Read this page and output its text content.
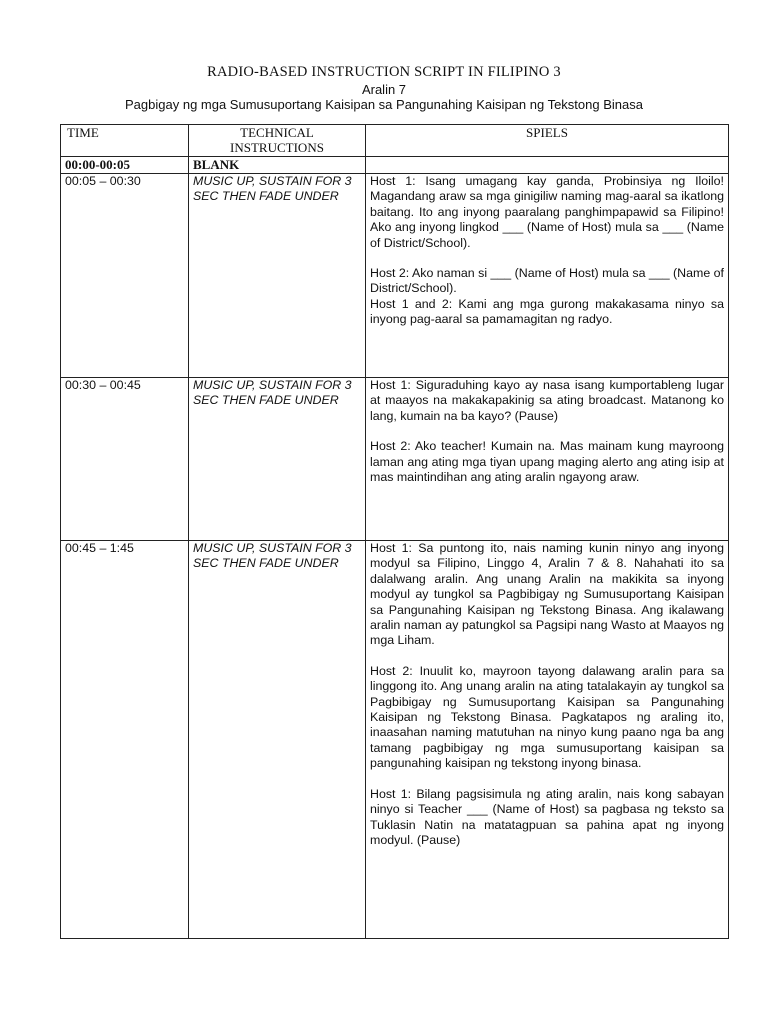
RADIO-BASED INSTRUCTION SCRIPT IN FILIPINO 3
Aralin 7
Pagbigay ng mga Sumusuportang Kaisipan sa Pangunahing Kaisipan ng Tekstong Binasa
TIME	TECHNICAL INSTRUCTIONS	SPIELS
00:00-00:05	BLANK	
00:05 – 00:30	MUSIC UP, SUSTAIN FOR 3 SEC THEN FADE UNDER	Host 1: Isang umagang kay ganda, Probinsiya ng Iloilo! Magandang araw sa mga ginigiliw naming mag-aaral sa ikatlong baitang. Ito ang inyong paaralang panghimpapawid sa Filipino! Ako ang inyong lingkod ___ (Name of Host) mula sa ___ (Name of District/School).

Host 2: Ako naman si ___ (Name of Host) mula sa ___ (Name of District/School).

Host 1 and 2: Kami ang mga gurong makakasama ninyo sa inyong pag-aaral sa pamamagitan ng radyo.

00:30 – 00:45	MUSIC UP, SUSTAIN FOR 3 SEC THEN FADE UNDER	Host 1: Siguraduhing kayo ay nasa isang kumportableng lugar at maayos na makakapakinig sa ating broadcast. Matanong ko lang, kumain na ba kayo? (Pause)

Host 2: Ako teacher! Kumain na. Mas mainam kung mayroong laman ang ating mga tiyan upang maging alerto ang ating isip at mas maintindihan ang ating aralin ngayong araw.

00:45 – 1:45	MUSIC UP, SUSTAIN FOR 3 SEC THEN FADE UNDER	Host 1: Sa puntong ito, nais naming kunin ninyo ang inyong modyul sa Filipino, Linggo 4, Aralin 7 & 8. Nahahati ito sa dalalwang aralin. Ang unang Aralin na makikita sa inyong modyul ay tungkol sa Pagbibigay ng Sumusuportang Kaisipan sa Pangunahing Kaisipan ng Tekstong Binasa. Ang ikalawang aralin naman ay patungkol sa Pagsipi nang Wasto at Maayos ng mga Liham.

Host 2: Inuulit ko, mayroon tayong dalawang aralin para sa linggong ito. Ang unang aralin na ating tatalakayin ay tungkol sa Pagbibigay ng Sumusuportang Kaisipan sa Pangunahing Kaisipan ng Tekstong Binasa. Pagkatapos ng araling ito, inaasahan naming matutuhan na ninyo kung paano nga ba ang tamang pagbibigay ng mga sumusuportang kaisipan sa pangunahing kaisipan ng tekstong inyong binasa.

Host 1: Bilang pagsisimula ng ating aralin, nais kong sabayan ninyo si Teacher ___ (Name of Host) sa pagbasa ng teksto sa Tuklasin Natin na matatagpuan sa pahina apat ng inyong modyul. (Pause)
